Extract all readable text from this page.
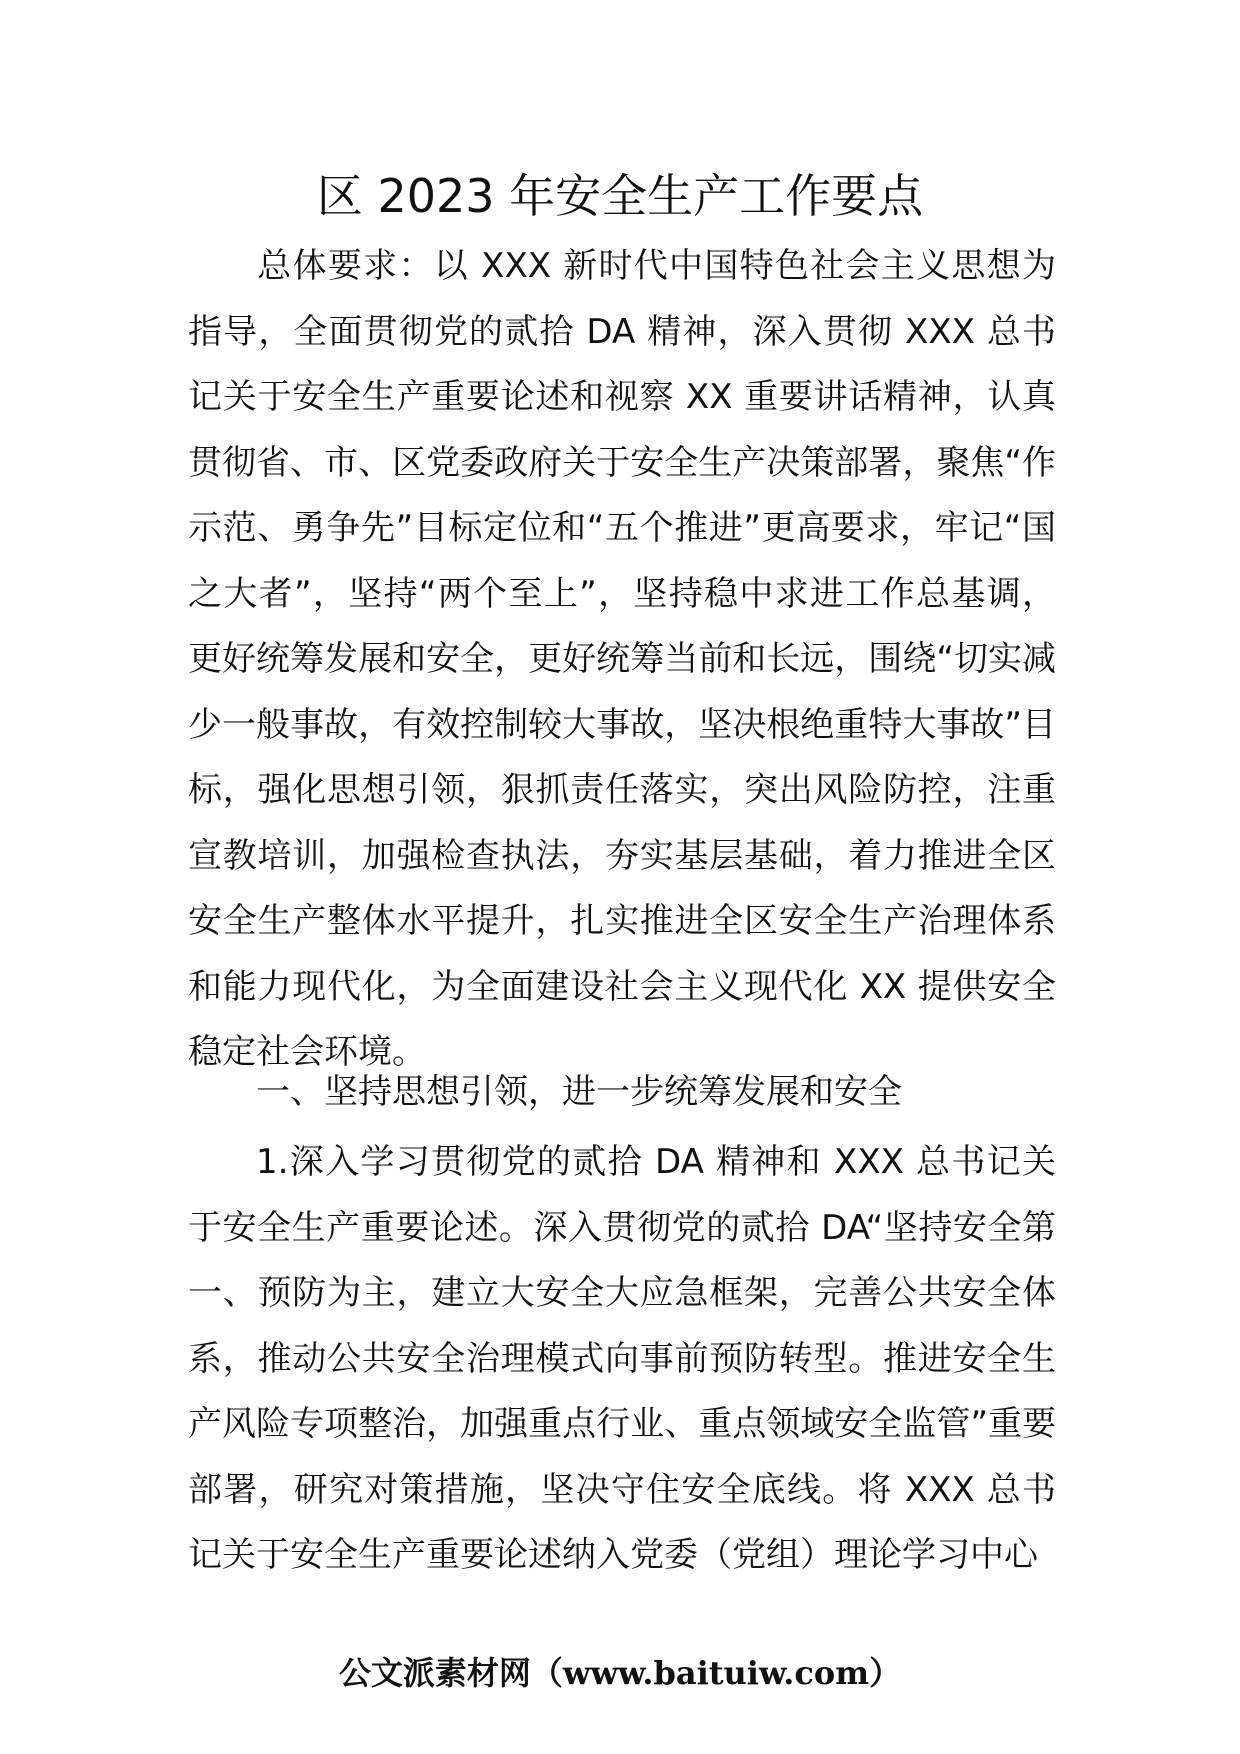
区 2023 年安全生产工作要点
总体要求：以 XXX 新时代中国特色社会主义思想为指导，全面贯彻党的贰拾 DA 精神，深入贯彻 XXX 总书记关于安全生产重要论述和视察 XX 重要讲话精神，认真贯彻省、市、区党委政府关于安全生产决策部署，聚焦“作示范、勇争先”目标定位和“五个推进”更高要求，牢记“国之大者”，坚持“两个至上”，坚持稳中求进工作总基调，更好统筹发展和安全，更好统筹当前和长远，围绕“切实减少一般事故，有效控制较大事故，坚决根绝重特大事故”目标，强化思想引领，狠抓责任落实，突出风险防控，注重宣教培训，加强检查执法，夯实基层基础，着力推进全区安全生产整体水平提升，扎实推进全区安全生产治理体系和能力现代化，为全面建设社会主义现代化 XX 提供安全稳定社会环境。
一、坚持思想引领，进一步统筹发展和安全
1.深入学习贯彻党的贰拾 DA 精神和 XXX 总书记关于安全生产重要论述。深入贯彻党的贰拾 DA“坚持安全第一、预防为主，建立大安全大应急框架，完善公共安全体系，推动公共安全治理模式向事前预防转型。推进安全生产风险专项整治，加强重点行业、重点领域安全监管”重要部署，研究对策措施，坚决守住安全底线。将 XXX 总书记关于安全生产重要论述纳入党委（党组）理论学习中心
公文派素材网（www.baituiw.com）
